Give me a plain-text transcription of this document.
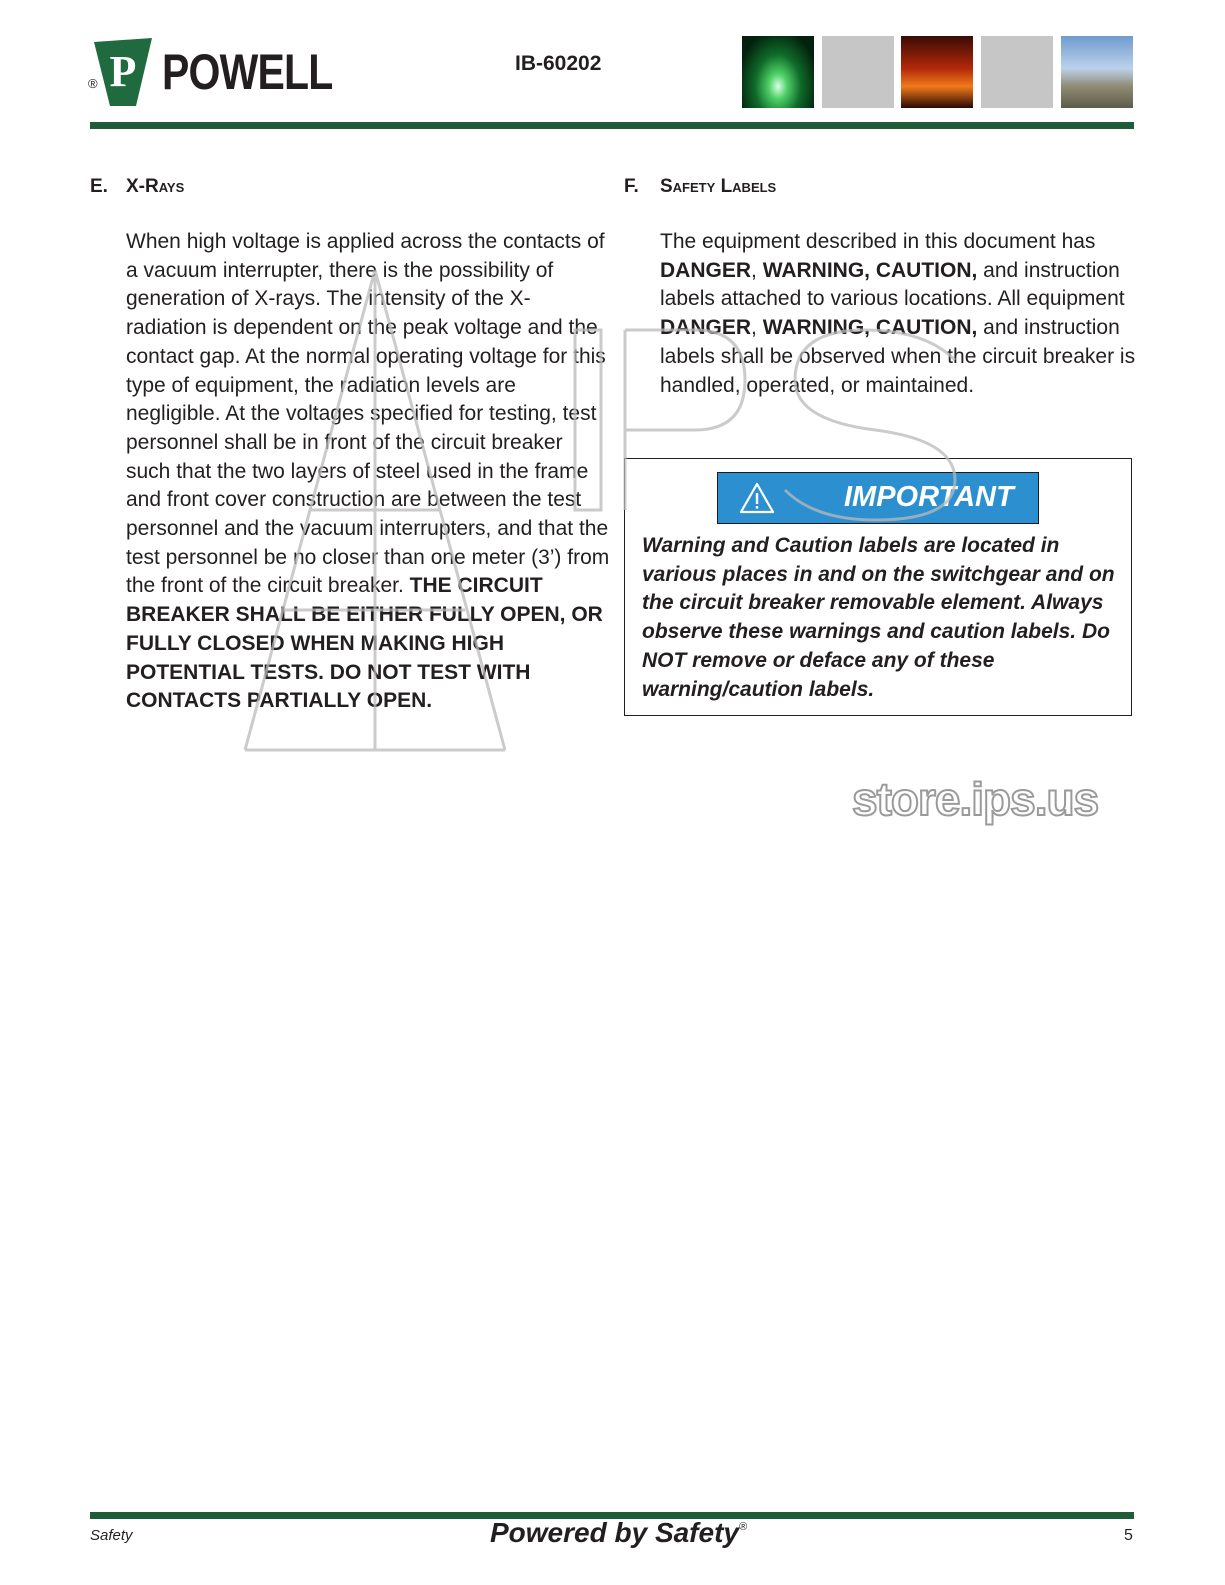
® P POWELL	IB-60202
E. X-Rays
When high voltage is applied across the contacts of a vacuum interrupter, there is the possibility of generation of X-rays. The intensity of the X-radiation is dependent on the peak voltage and the contact gap. At the normal operating voltage for this type of equipment, the radiation levels are negligible. At the voltages specified for testing, test personnel shall be in front of the circuit breaker such that the two layers of steel used in the frame and front cover construction are between the test personnel and the vacuum interrupters, and that the test personnel be no closer than one meter (3’) from the front of the circuit breaker. THE CIRCUIT BREAKER SHALL BE EITHER FULLY OPEN, OR FULLY CLOSED WHEN MAKING HIGH POTENTIAL TESTS. DO NOT TEST WITH CONTACTS PARTIALLY OPEN.
F. Safety Labels
The equipment described in this document has DANGER, WARNING, CAUTION, and instruction labels attached to various locations. All equipment DANGER, WARNING, CAUTION, and instruction labels shall be observed when the circuit breaker is handled, operated, or maintained.
IMPORTANT
Warning and Caution labels are located in various places in and on the switchgear and on the circuit breaker removable element. Always observe these warnings and caution labels. Do NOT remove or deface any of these warning/caution labels.
store.ips.us
Safety	Powered by Safety®	5
